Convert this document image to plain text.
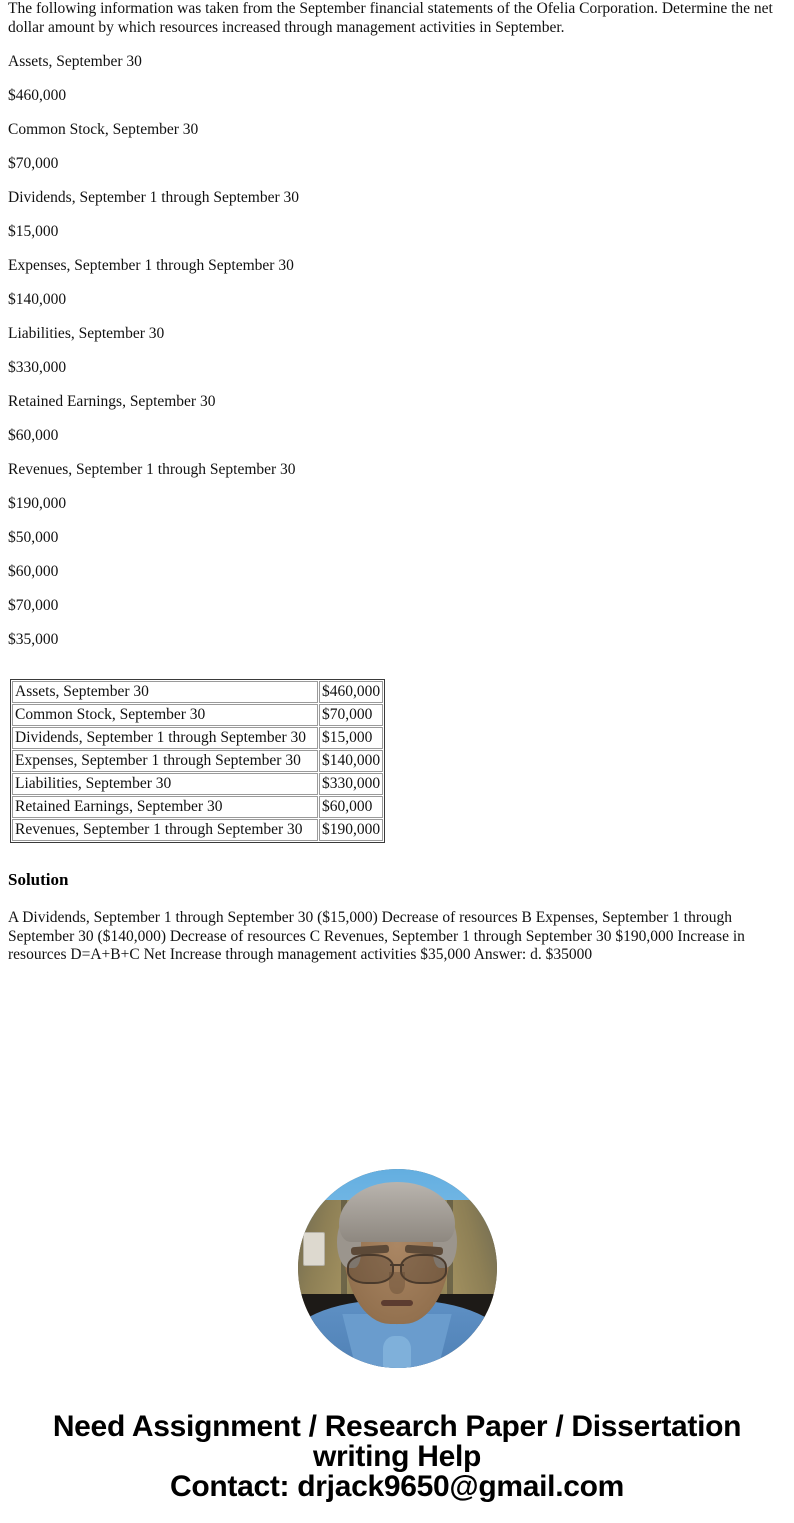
The following information was taken from the September financial statements of the Ofelia Corporation. Determine the net dollar amount by which resources increased through management activities in September.

Assets, September 30

$460,000

Common Stock, September 30

$70,000

Dividends, September 1 through September 30

$15,000

Expenses, September 1 through September 30

$140,000

Liabilities, September 30

$330,000

Retained Earnings, September 30

$60,000

Revenues, September 1 through September 30

$190,000

$50,000

$60,000

$70,000

$35,000

Assets, September 30	$460,000
Common Stock, September 30	$70,000
Dividends, September 1 through September 30	$15,000
Expenses, September 1 through September 30	$140,000
Liabilities, September 30	$330,000
Retained Earnings, September 30	$60,000
Revenues, September 1 through September 30	$190,000
Solution

A Dividends, September 1 through September 30 ($15,000) Decrease of resources B Expenses, September 1 through September 30 ($140,000) Decrease of resources C Revenues, September 1 through September 30 $190,000 Increase in resources D=A+B+C Net Increase through management activities $35,000 Answer: d. $35000

Need Assignment / Research Paper / Dissertation
writing Help
Contact: drjack9650@gmail.com
